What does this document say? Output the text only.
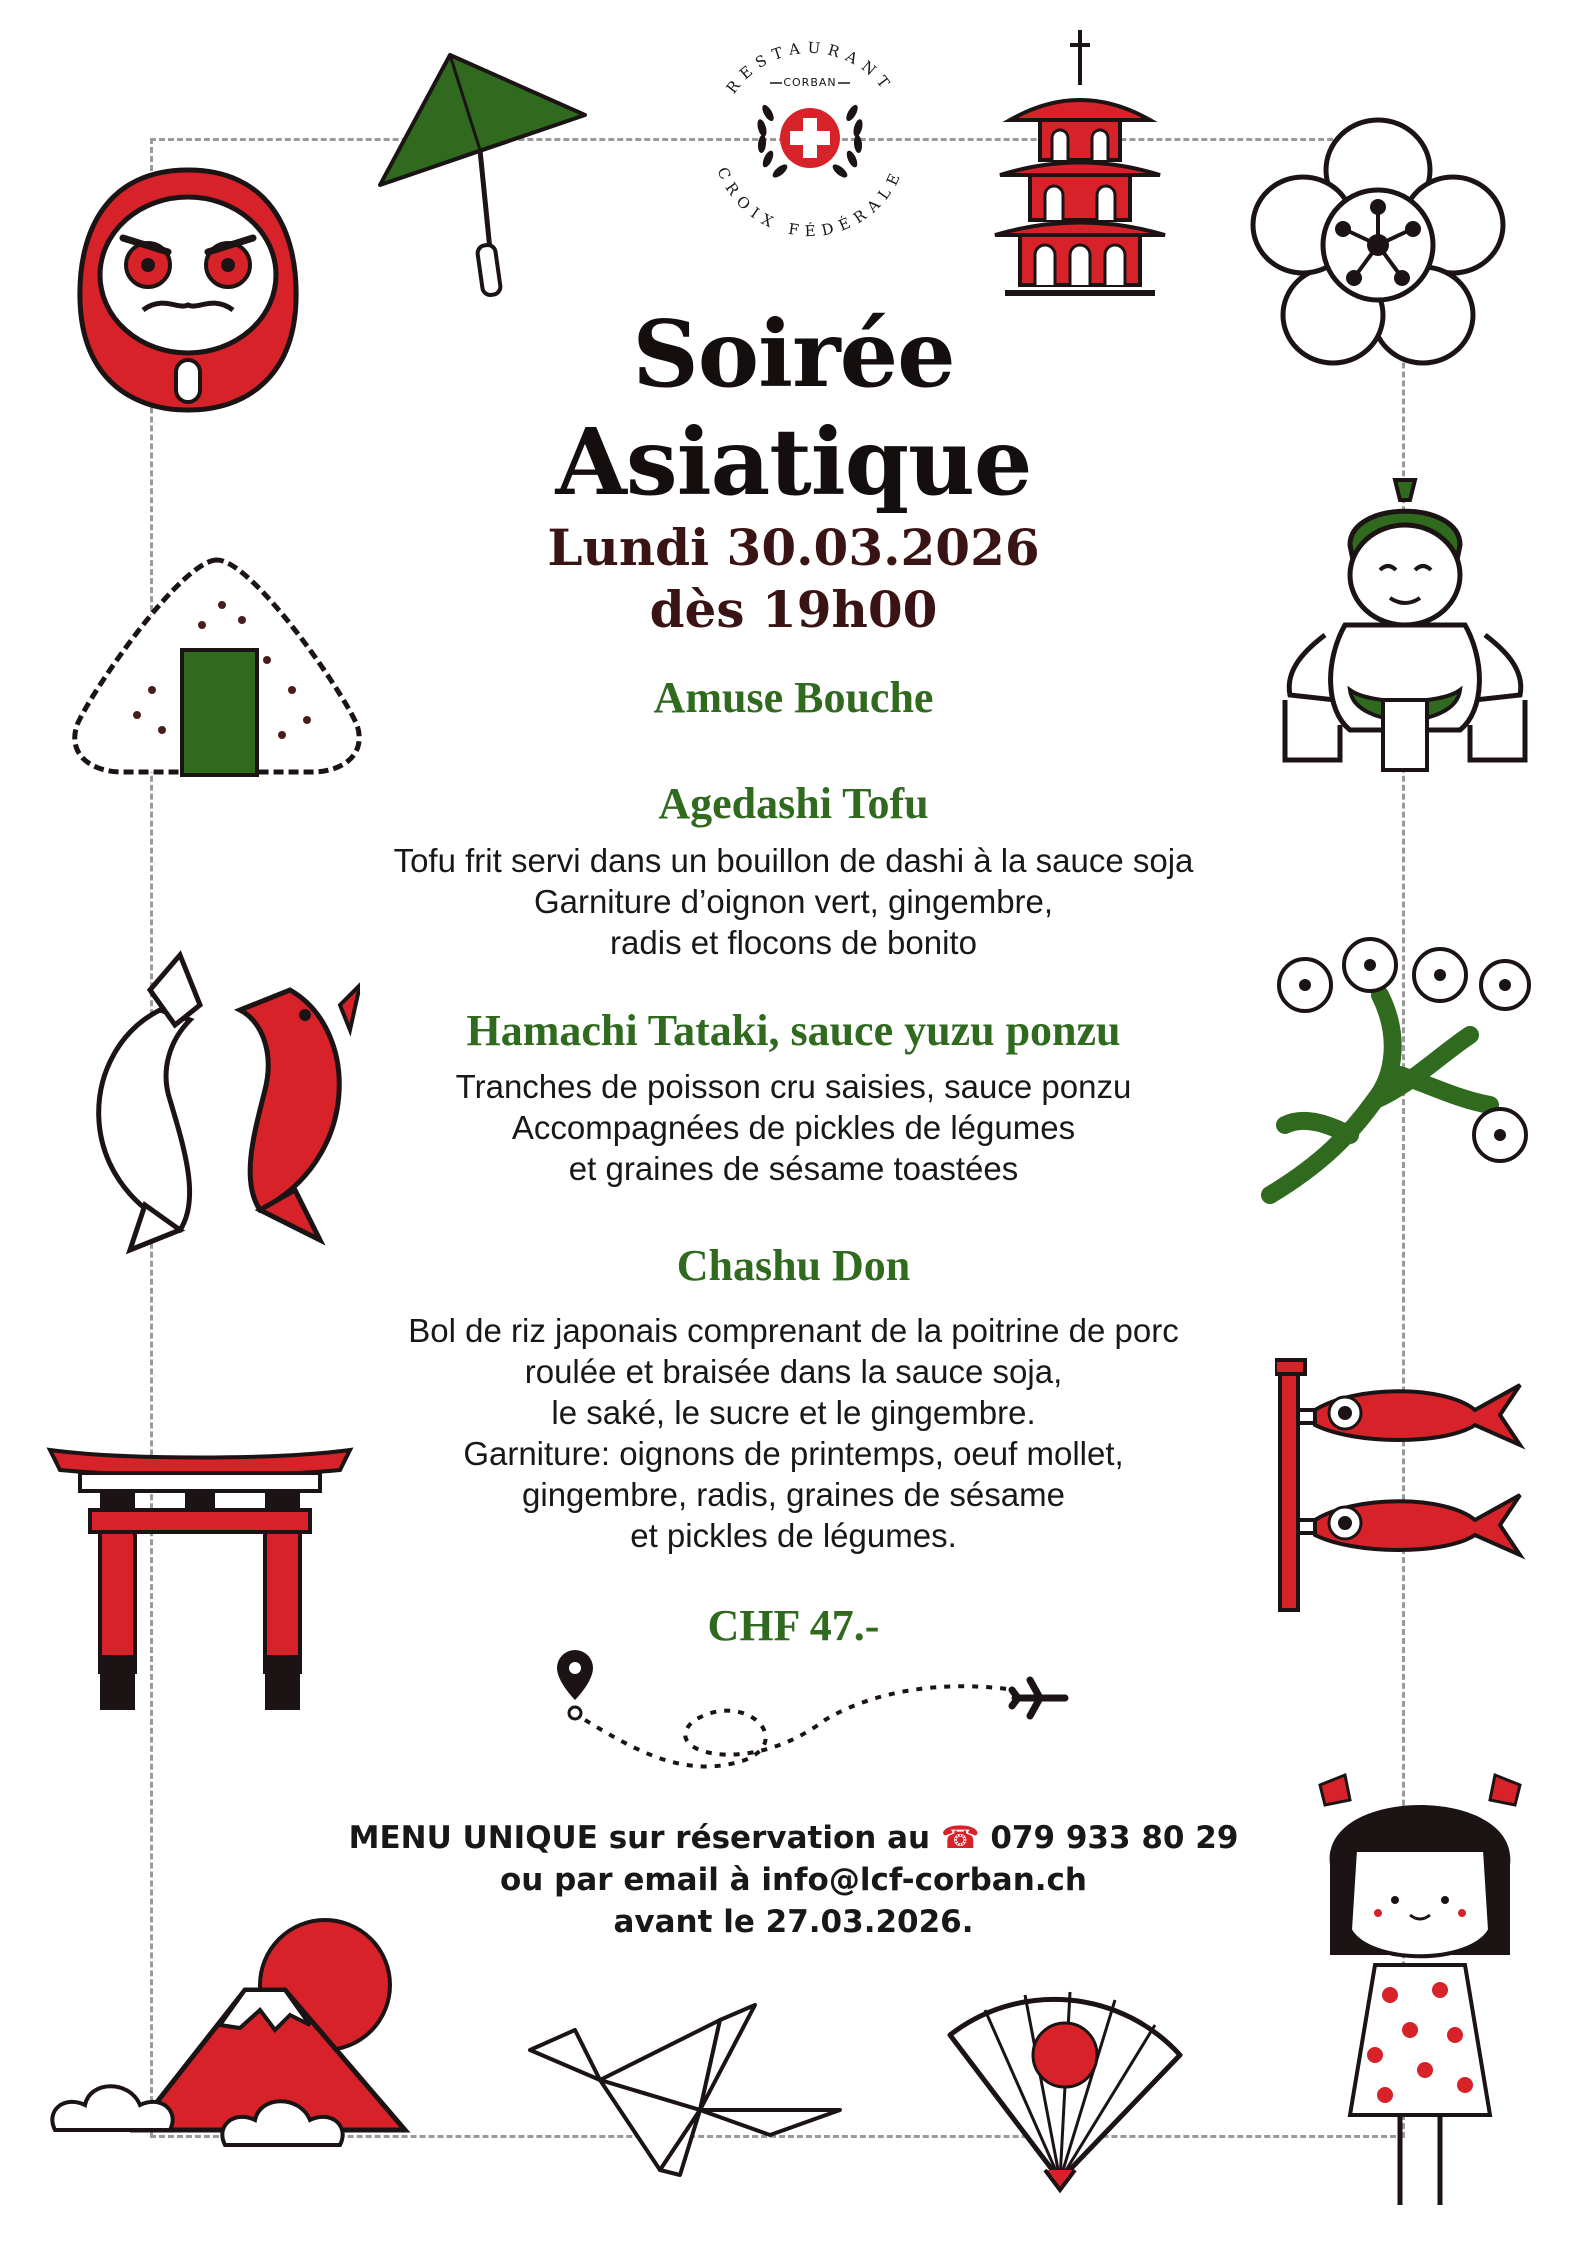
RESTAURANT
CROIX FÉDÉRALE
CORBAN
Soirée
Asiatique
Lundi 30.03.2026
dès 19h00
Amuse Bouche
Agedashi Tofu
Tofu frit servi dans un bouillon de dashi à la sauce soja
Garniture d’oignon vert, gingembre,
radis et flocons de bonito
Hamachi Tataki, sauce yuzu ponzu
Tranches de poisson cru saisies, sauce ponzu
Accompagnées de pickles de légumes
et graines de sésame toastées
Chashu Don
Bol de riz japonais comprenant de la poitrine de porc
roulée et braisée dans la sauce soja,
le saké, le sucre et le gingembre.
Garniture: oignons de printemps, oeuf mollet,
gingembre, radis, graines de sésame
et pickles de légumes.
CHF 47.-
MENU UNIQUE sur réservation au ☎ 079 933 80 29
ou par email à info@lcf-corban.ch
avant le 27.03.2026.
